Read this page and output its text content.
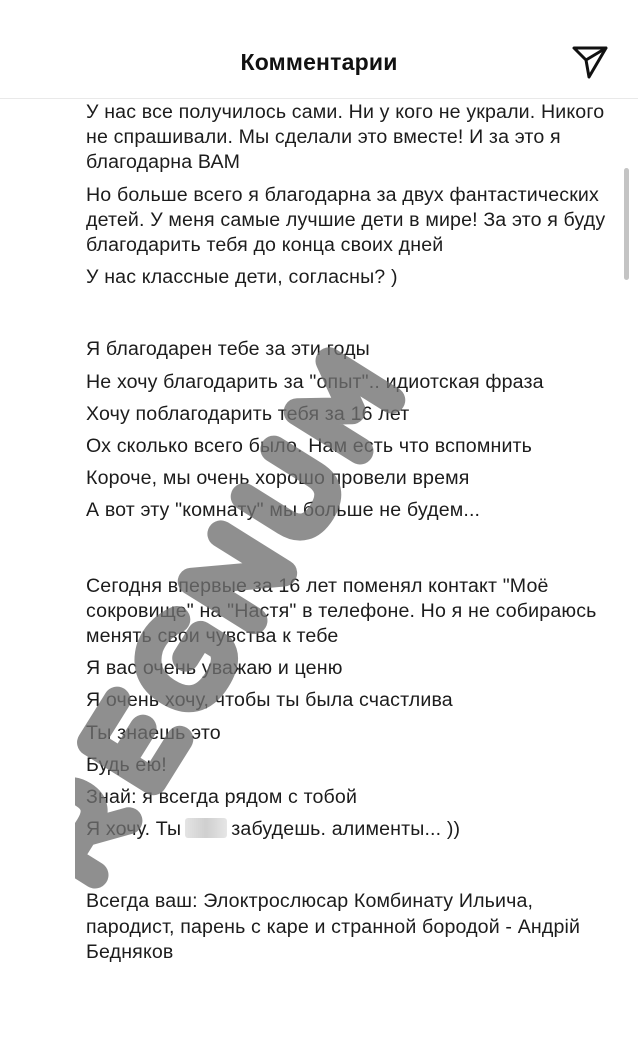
Комментарии

У нас все получилось сами. Ни у кого не украли. Никого не спрашивали. Мы сделали это вместе! И за это я благодарна ВАМ

Но больше всего я благодарна за двух фантастических детей. У меня самые лучшие дети в мире! За это я буду благодарить тебя до конца своих дней

У нас классные дети, согласны? )

Я благодарен тебе за эти годы

Не хочу благодарить за "опыт".. идиотская фраза

Хочу поблагодарить тебя за 16 лет

Ох сколько всего было. Нам есть что вспомнить

Короче, мы очень хорошо провели время

А вот эту "комнату" мы больше не будем...

Сегодня впервые за 16 лет поменял контакт "Моё сокровище" на "Настя" в телефоне. Но я не собираюсь менять свои чувства к тебе

Я вас очень уважаю и ценю

Я очень хочу, чтобы ты была счастлива

Ты знаешь это

Будь ею!

Знай: я всегда рядом с тобой

Я хочу. Ты	забудешь. алименты... ))

Всегда ваш: Элоктрослюсар Комбинату Ильича, пародист, парень с каре и странной бородой - Андрій Бедняков
